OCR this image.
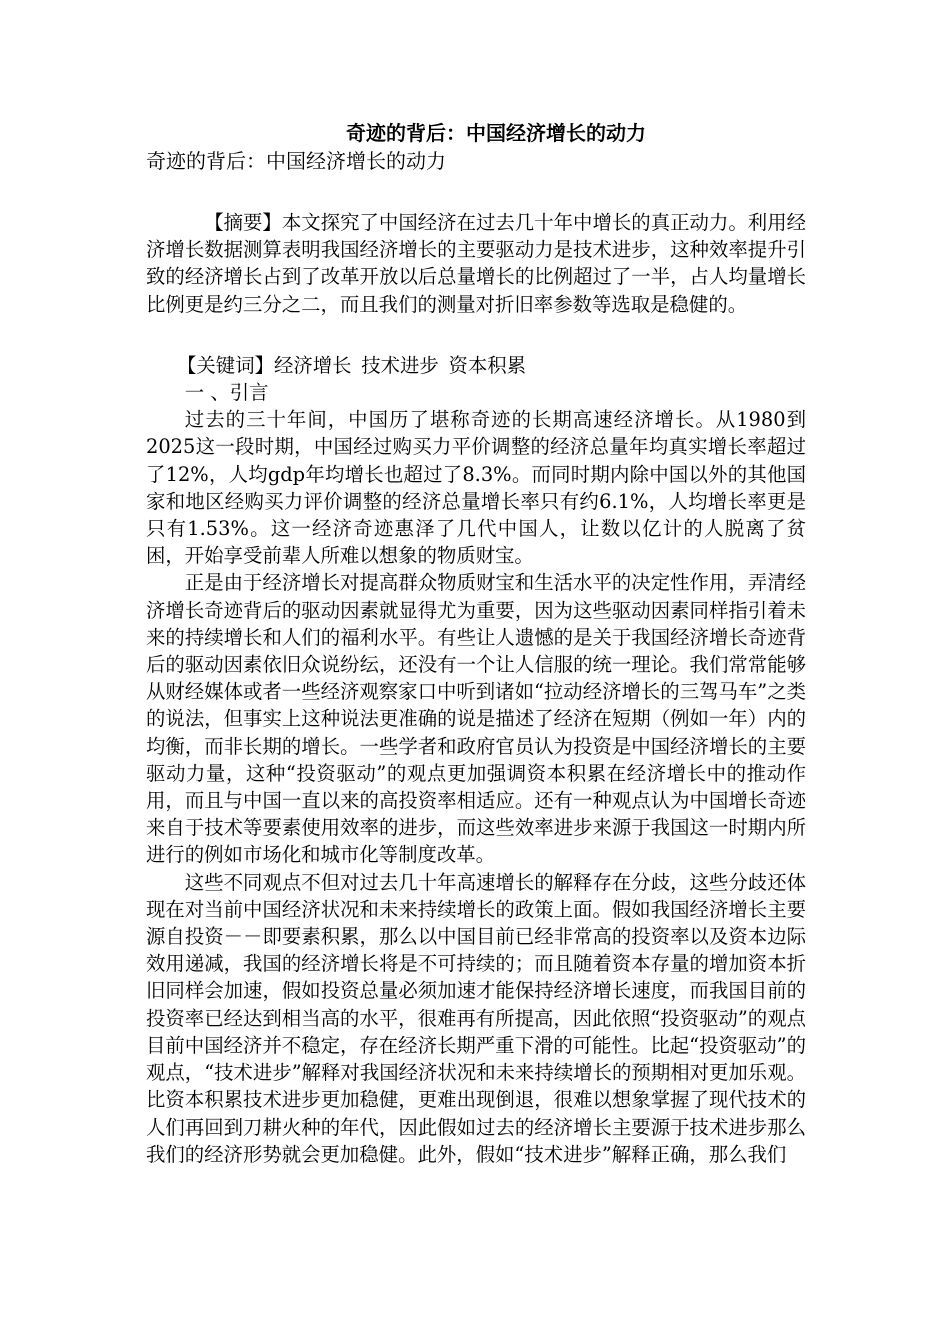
奇迹的背后：中国经济增长的动力
奇迹的背后：中国经济增长的动力

【摘要】本文探究了中国经济在过去几十年中增长的真正动力。利用经济增长数据测算表明我国经济增长的主要驱动力是技术进步，这种效率提升引致的经济增长占到了改革开放以后总量增长的比例超过了一半，占人均量增长比例更是约三分之二，而且我们的测量对折旧率参数等选取是稳健的。

【关键词】经济增长 技术进步 资本积累

一 、引言

过去的三十年间，中国历了堪称奇迹的长期高速经济增长。从1980到2025这一段时期，中国经过购买力平价调整的经济总量年均真实增长率超过了12%，人均gdp年均增长也超过了8.3%。而同时期内除中国以外的其他国家和地区经购买力评价调整的经济总量增长率只有约6.1%，人均增长率更是只有1.53%。这一经济奇迹惠泽了几代中国人，让数以亿计的人脱离了贫困，开始享受前辈人所难以想象的物质财宝。

正是由于经济增长对提高群众物质财宝和生活水平的决定性作用，弄清经济增长奇迹背后的驱动因素就显得尤为重要，因为这些驱动因素同样指引着未来的持续增长和人们的福利水平。有些让人遗憾的是关于我国经济增长奇迹背后的驱动因素依旧众说纷纭，还没有一个让人信服的统一理论。我们常常能够从财经媒体或者一些经济观察家口中听到诸如“拉动经济增长的三驾马车”之类的说法，但事实上这种说法更准确的说是描述了经济在短期（例如一年）内的均衡，而非长期的增长。一些学者和政府官员认为投资是中国经济增长的主要驱动力量，这种“投资驱动”的观点更加强调资本积累在经济增长中的推动作用，而且与中国一直以来的高投资率相适应。还有一种观点认为中国增长奇迹来自于技术等要素使用效率的进步，而这些效率进步来源于我国这一时期内所进行的例如市场化和城市化等制度改革。

这些不同观点不但对过去几十年高速增长的解释存在分歧，这些分歧还体现在对当前中国经济状况和未来持续增长的政策上面。假如我国经济增长主要源自投资－－即要素积累，那么以中国目前已经非常高的投资率以及资本边际效用递减，我国的经济增长将是不可持续的；而且随着资本存量的增加资本折旧同样会加速，假如投资总量必须加速才能保持经济增长速度，而我国目前的投资率已经达到相当高的水平，很难再有所提高，因此依照“投资驱动”的观点目前中国经济并不稳定，存在经济长期严重下滑的可能性。比起“投资驱动”的观点，“技术进步”解释对我国经济状况和未来持续增长的预期相对更加乐观。比资本积累技术进步更加稳健，更难出现倒退，很难以想象掌握了现代技术的人们再回到刀耕火种的年代，因此假如过去的经济增长主要源于技术进步那么我们的经济形势就会更加稳健。此外，假如“技术进步”解释正确，那么我们
